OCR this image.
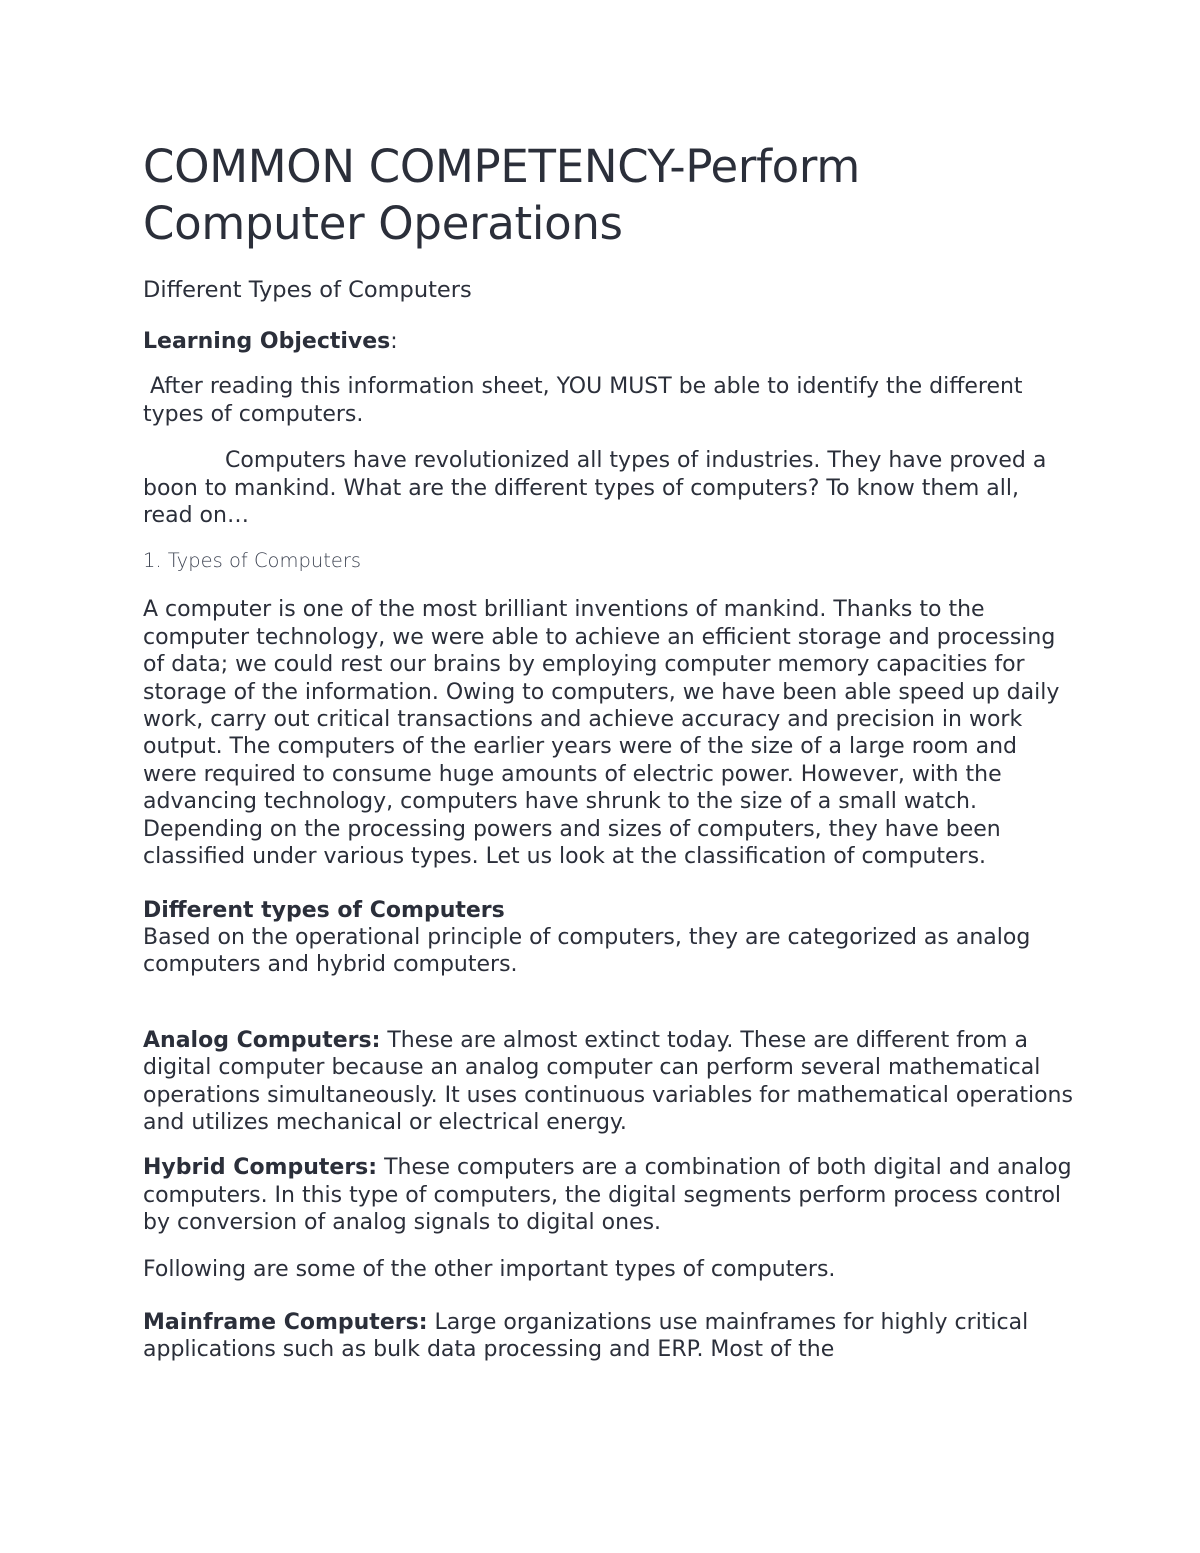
COMMON COMPETENCY-Perform Computer Operations

Different Types of Computers

Learning Objectives:

After reading this information sheet, YOU MUST be able to identify the different types of computers.

Computers have revolutionized all types of industries. They have proved a boon to mankind. What are the different types of computers? To know them all, read on…

1. Types of Computers

A computer is one of the most brilliant inventions of mankind. Thanks to the computer technology, we were able to achieve an efficient storage and processing of data; we could rest our brains by employing computer memory capacities for storage of the information. Owing to computers, we have been able speed up daily work, carry out critical transactions and achieve accuracy and precision in work output. The computers of the earlier years were of the size of a large room and were required to consume huge amounts of electric power. However, with the advancing technology, computers have shrunk to the size of a small watch. Depending on the processing powers and sizes of computers, they have been classified under various types. Let us look at the classification of computers.

Different types of Computers

Based on the operational principle of computers, they are categorized as analog computers and hybrid computers.

Analog Computers: These are almost extinct today. These are different from a digital computer because an analog computer can perform several mathematical operations simultaneously. It uses continuous variables for mathematical operations and utilizes mechanical or electrical energy.

Hybrid Computers: These computers are a combination of both digital and analog computers. In this type of computers, the digital segments perform process control by conversion of analog signals to digital ones.

Following are some of the other important types of computers.

Mainframe Computers: Large organizations use mainframes for highly critical applications such as bulk data processing and ERP. Most of the
